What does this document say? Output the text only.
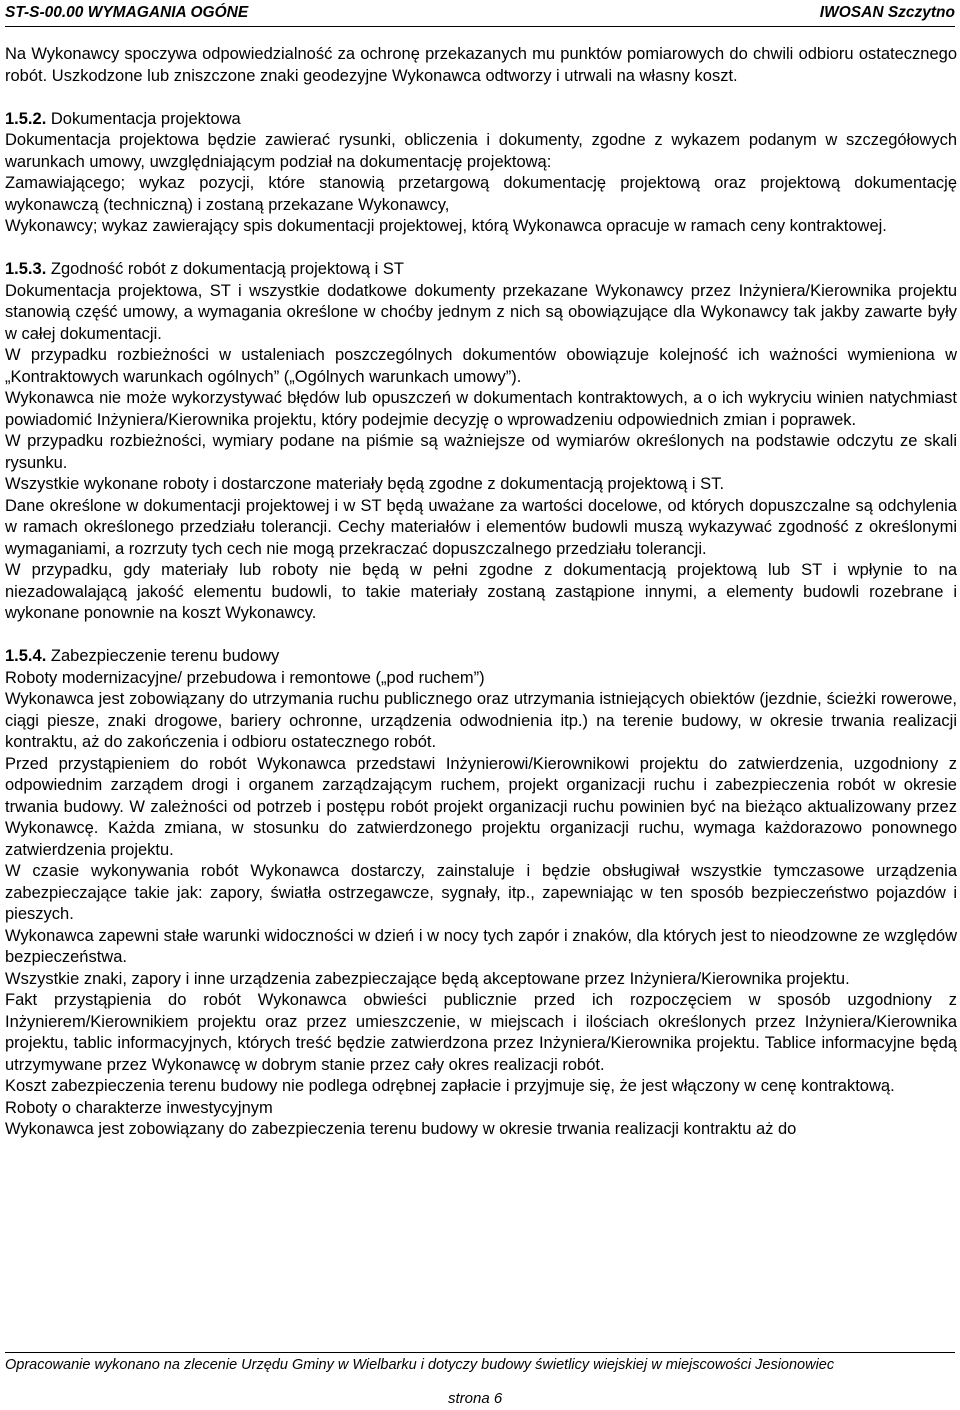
ST-S-00.00 WYMAGANIA OGÓNE	IWOSAN Szczytno

Na Wykonawcy spoczywa odpowiedzialność za ochronę przekazanych mu punktów pomiarowych do chwili odbioru ostatecznego robót. Uszkodzone lub zniszczone znaki geodezyjne Wykonawca odtworzy i utrwali na własny koszt.

1.5.2. Dokumentacja projektowa

Dokumentacja projektowa będzie zawierać rysunki, obliczenia i dokumenty, zgodne z wykazem podanym w szczegółowych warunkach umowy, uwzględniającym podział na dokumentację projektową:

Zamawiającego; wykaz pozycji, które stanowią przetargową dokumentację projektową oraz projektową dokumentację wykonawczą (techniczną) i zostaną przekazane Wykonawcy,

Wykonawcy; wykaz zawierający spis dokumentacji projektowej, którą Wykonawca opracuje w ramach ceny kontraktowej.

1.5.3. Zgodność robót z dokumentacją projektową i ST

Dokumentacja projektowa, ST i wszystkie dodatkowe dokumenty przekazane Wykonawcy przez Inżyniera/Kierownika projektu stanowią część umowy, a wymagania określone w choćby jednym z nich są obowiązujące dla Wykonawcy tak jakby zawarte były w całej dokumentacji.

W przypadku rozbieżności w ustaleniach poszczególnych dokumentów obowiązuje kolejność ich ważności wymieniona w „Kontraktowych warunkach ogólnych” („Ogólnych warunkach umowy”).

Wykonawca nie może wykorzystywać błędów lub opuszczeń w dokumentach kontraktowych, a o ich wykryciu winien natychmiast powiadomić Inżyniera/Kierownika projektu, który podejmie decyzję o wprowadzeniu odpowiednich zmian i poprawek.

W przypadku rozbieżności, wymiary podane na piśmie są ważniejsze od wymiarów określonych na podstawie odczytu ze skali rysunku.

Wszystkie wykonane roboty i dostarczone materiały będą zgodne z dokumentacją projektową i ST.

Dane określone w dokumentacji projektowej i w ST będą uważane za wartości docelowe, od których dopuszczalne są odchylenia w ramach określonego przedziału tolerancji. Cechy materiałów i elementów budowli muszą wykazywać zgodność z określonymi wymaganiami, a rozrzuty tych cech nie mogą przekraczać dopuszczalnego przedziału tolerancji.

W przypadku, gdy materiały lub roboty nie będą w pełni zgodne z dokumentacją projektową lub ST i wpłynie to na niezadowalającą jakość elementu budowli, to takie materiały zostaną zastąpione innymi, a elementy budowli rozebrane i wykonane ponownie na koszt Wykonawcy.

1.5.4. Zabezpieczenie terenu budowy

Roboty modernizacyjne/ przebudowa i remontowe („pod ruchem”)

Wykonawca jest zobowiązany do utrzymania ruchu publicznego oraz utrzymania istniejących obiektów (jezdnie, ścieżki rowerowe, ciągi piesze, znaki drogowe, bariery ochronne, urządzenia odwodnienia itp.) na terenie budowy, w okresie trwania realizacji kontraktu, aż do zakończenia i odbioru ostatecznego robót.

Przed przystąpieniem do robót Wykonawca przedstawi Inżynierowi/Kierownikowi projektu do zatwierdzenia, uzgodniony z odpowiednim zarządem drogi i organem zarządzającym ruchem, projekt organizacji ruchu i zabezpieczenia robót w okresie trwania budowy. W zależności od potrzeb i postępu robót projekt organizacji ruchu powinien być na bieżąco aktualizowany przez Wykonawcę. Każda zmiana, w stosunku do zatwierdzonego projektu organizacji ruchu, wymaga każdorazowo ponownego zatwierdzenia projektu.

W czasie wykonywania robót Wykonawca dostarczy, zainstaluje i będzie obsługiwał wszystkie tymczasowe urządzenia zabezpieczające takie jak: zapory, światła ostrzegawcze, sygnały, itp., zapewniając w ten sposób bezpieczeństwo pojazdów i pieszych.

Wykonawca zapewni stałe warunki widoczności w dzień i w nocy tych zapór i znaków, dla których jest to nieodzowne ze względów bezpieczeństwa.

Wszystkie znaki, zapory i inne urządzenia zabezpieczające będą akceptowane przez Inżyniera/Kierownika projektu.

Fakt przystąpienia do robót Wykonawca obwieści publicznie przed ich rozpoczęciem w sposób uzgodniony z Inżynierem/Kierownikiem projektu oraz przez umieszczenie, w miejscach i ilościach określonych przez Inżyniera/Kierownika projektu, tablic informacyjnych, których treść będzie zatwierdzona przez Inżyniera/Kierownika projektu. Tablice informacyjne będą utrzymywane przez Wykonawcę w dobrym stanie przez cały okres realizacji robót.

Koszt zabezpieczenia terenu budowy nie podlega odrębnej zapłacie i przyjmuje się, że jest włączony w cenę kontraktową.

Roboty o charakterze inwestycyjnym

Wykonawca jest zobowiązany do zabezpieczenia terenu budowy w okresie trwania realizacji kontraktu aż do

Opracowanie wykonano na zlecenie Urzędu Gminy w Wielbarku i dotyczy budowy świetlicy wiejskiej w miejscowości Jesionowiec
strona 6
